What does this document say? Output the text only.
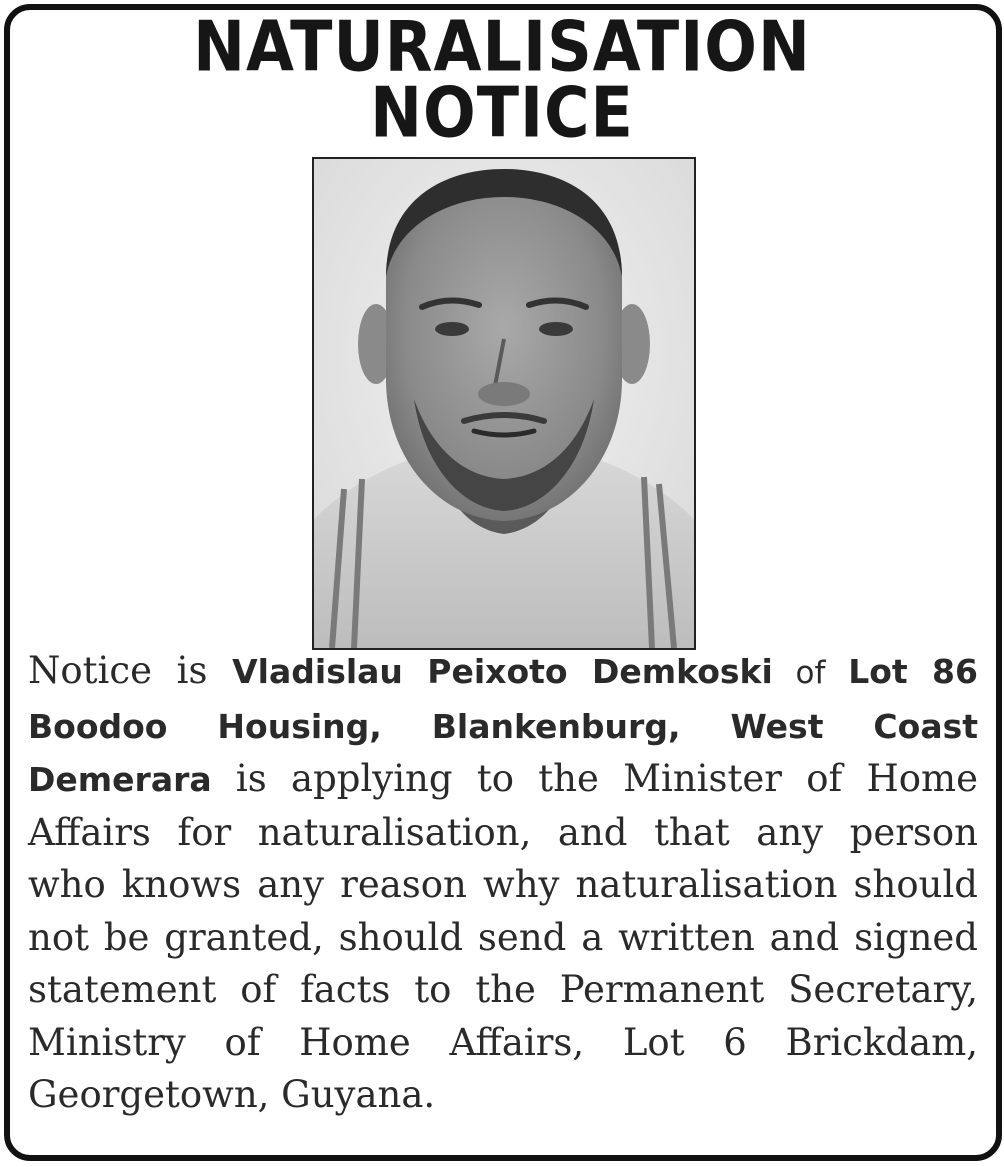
NATURALISATION
NOTICE

Notice is Vladislau Peixoto Demkoski of Lot 86 Boodoo Housing, Blankenburg, West Coast Demerara is applying to the Minister of Home Affairs for naturalisation, and that any person who knows any reason why naturalisation should not be granted, should send a written and signed statement of facts to the Permanent Secretary, Ministry of Home Affairs, Lot 6 Brickdam, Georgetown, Guyana.
